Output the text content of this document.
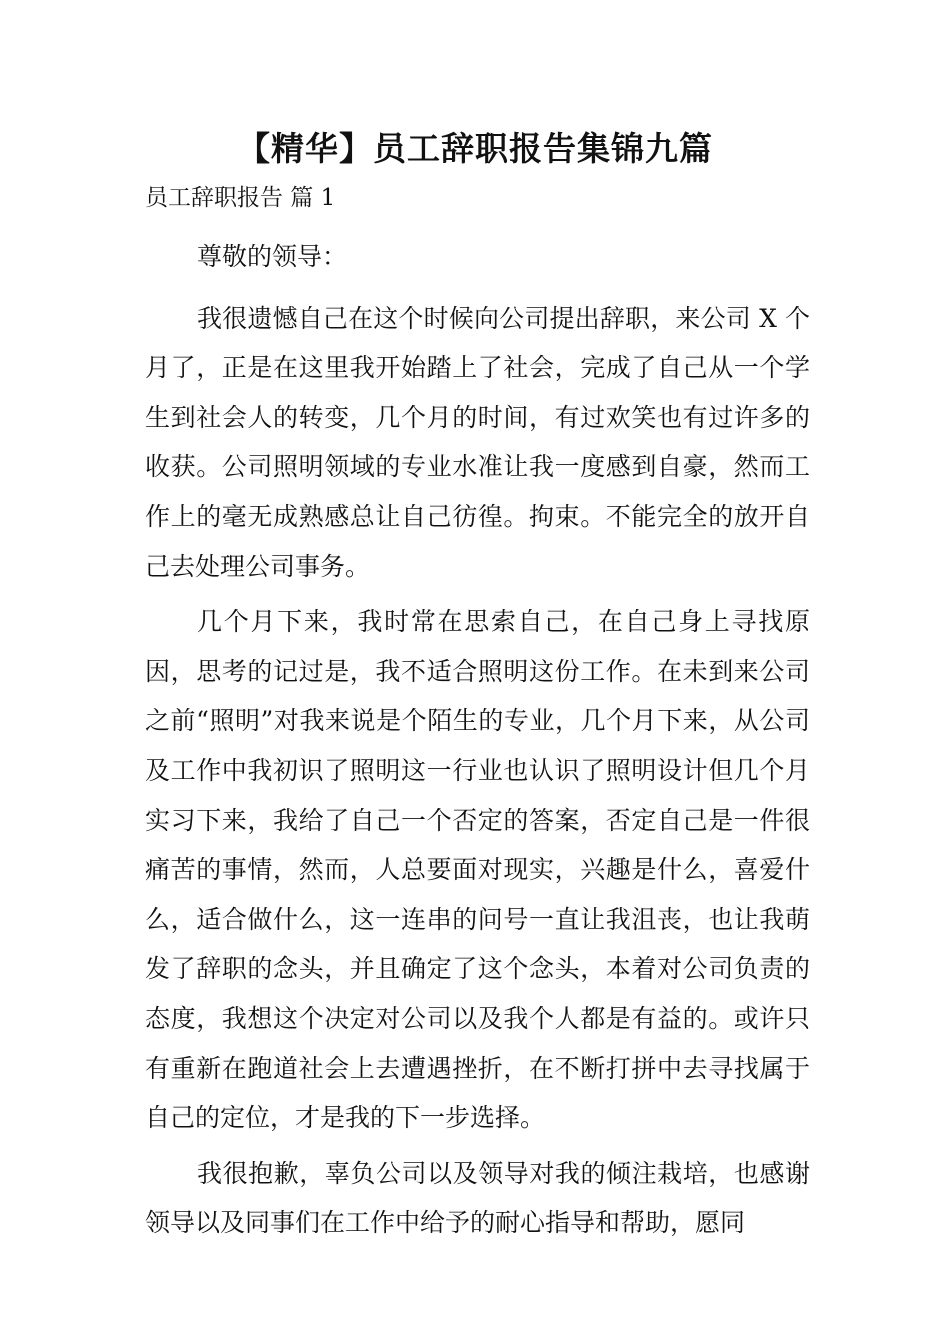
【精华】员工辞职报告集锦九篇
员工辞职报告 篇 1

尊敬的领导：

我很遗憾自己在这个时候向公司提出辞职，来公司 X 个月了，正是在这里我开始踏上了社会，完成了自己从一个学生到社会人的转变，几个月的时间，有过欢笑也有过许多的收获。公司照明领域的专业水准让我一度感到自豪，然而工作上的毫无成熟感总让自己彷徨。拘束。不能完全的放开自己去处理公司事务。

几个月下来，我时常在思索自己，在自己身上寻找原因，思考的记过是，我不适合照明这份工作。在未到来公司之前“照明”对我来说是个陌生的专业，几个月下来，从公司及工作中我初识了照明这一行业也认识了照明设计但几个月实习下来，我给了自己一个否定的答案，否定自己是一件很痛苦的事情，然而，人总要面对现实，兴趣是什么，喜爱什么，适合做什么，这一连串的问号一直让我沮丧，也让我萌发了辞职的念头，并且确定了这个念头，本着对公司负责的态度，我想这个决定对公司以及我个人都是有益的。或许只有重新在跑道社会上去遭遇挫折，在不断打拼中去寻找属于自己的定位，才是我的下一步选择。

我很抱歉，辜负公司以及领导对我的倾注栽培，也感谢领导以及同事们在工作中给予的耐心指导和帮助，愿同
